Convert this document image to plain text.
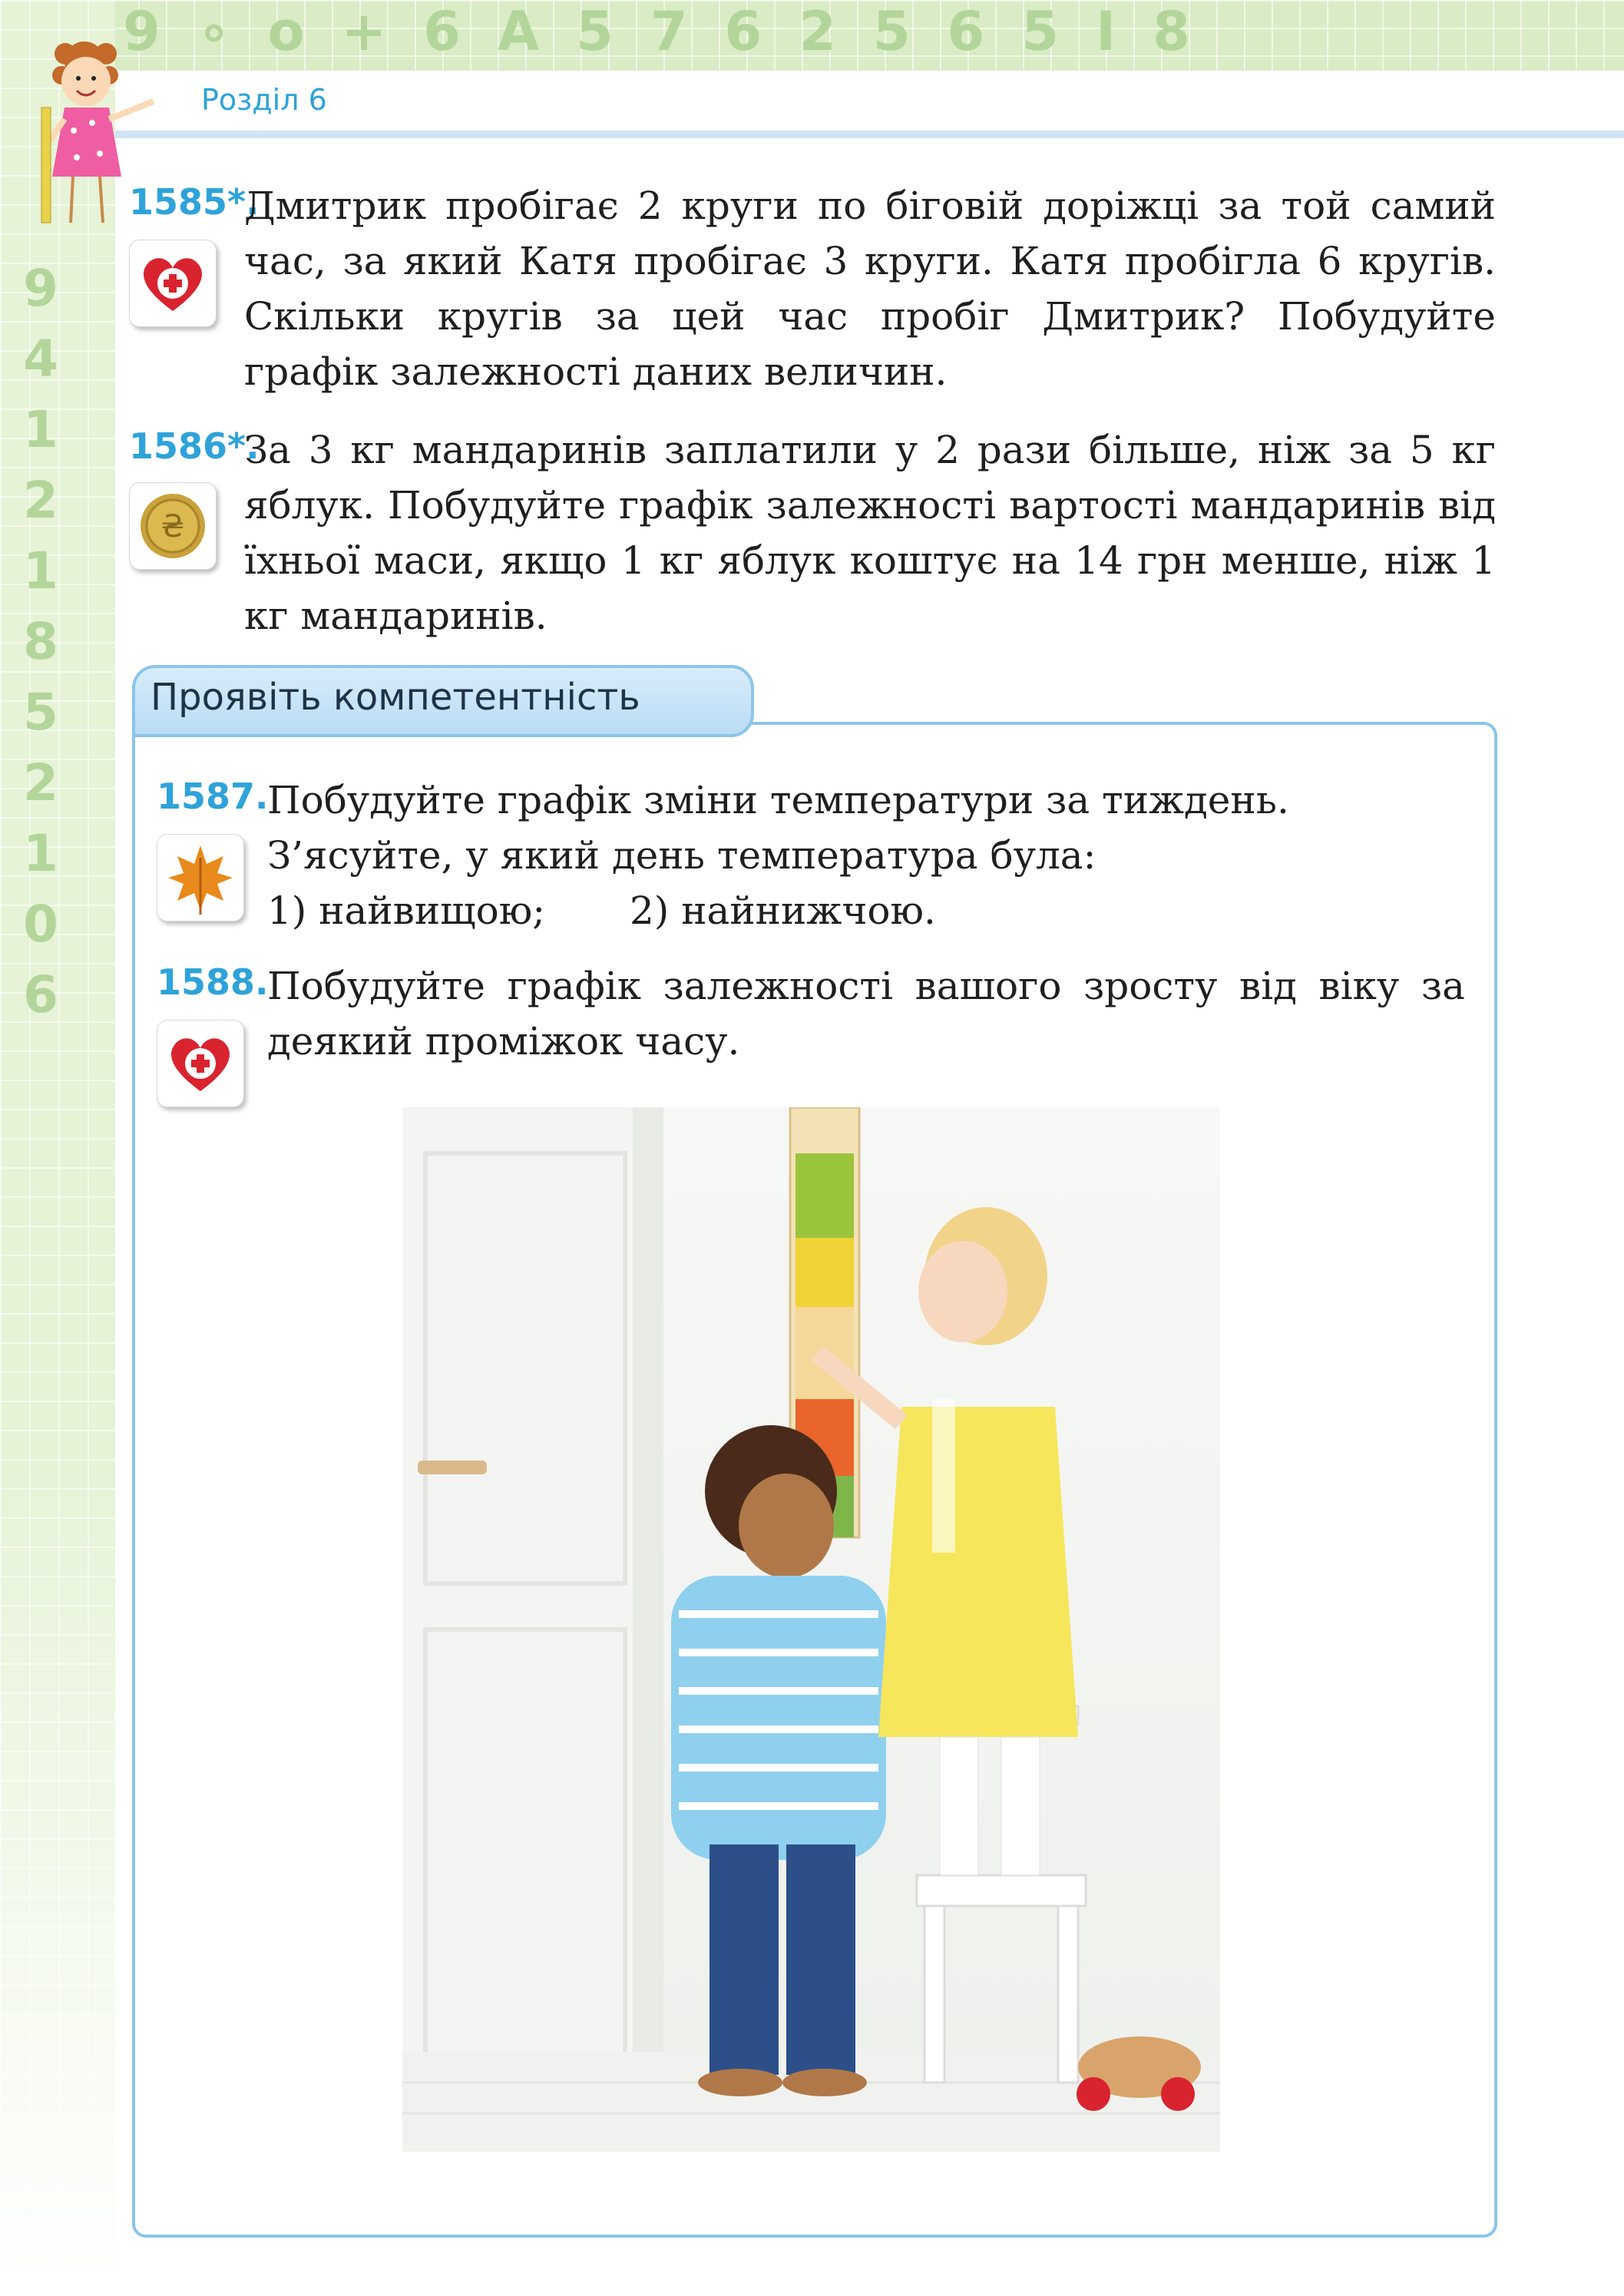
9∘o+6A5762565I8
9 4 1 2 1 8 5 2 1 0 6
Розділ 6
1585*.
Дмитрик пробігає 2 круги по біговій доріжці за той самий час, за який Катя пробігає 3 круги. Катя пробігла 6 кругів. Скільки кругів за цей час пробіг Дмитрик? Побудуйте графік залежності даних величин.
1586*.
₴
За 3 кг мандаринів заплатили у 2 рази більше, ніж за 5 кг яблук. Побудуйте графік залежності вартості мандаринів від їхньої маси, якщо 1 кг яблук коштує на 14 грн менше, ніж 1 кг мандаринів.
Проявіть компетентність
1587.
Побудуйте графік зміни температури за тиждень.
З’ясуйте, у який день температура була:
1) найвищою;	2) найнижчою.
1588.
Побудуйте графік залежності вашого зросту від віку за деякий проміжок часу.
